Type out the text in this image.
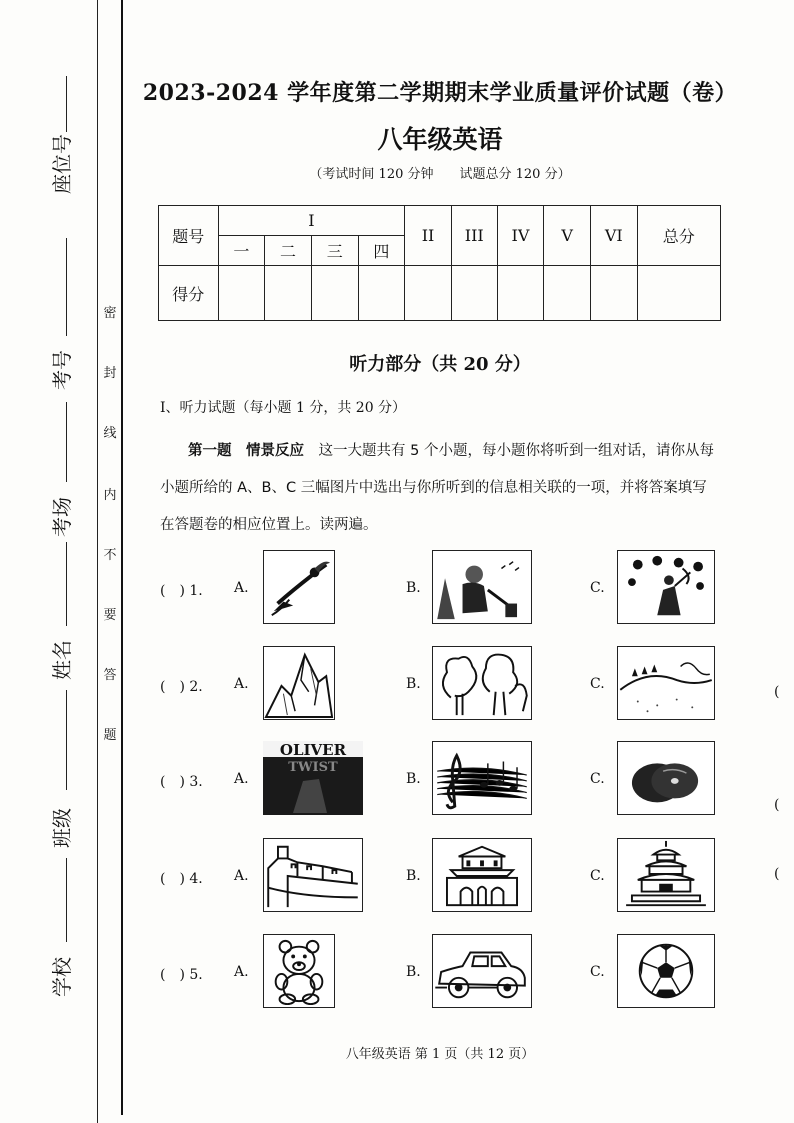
座位号
考号
考场
姓名
班级
学校
密
封
线
内
不
要
答
题
2023-2024 学年度第二学期期末学业质量评价试题（卷）
八年级英语
（考试时间 120 分钟　　试题总分 120 分）
题号	I				II	III	IV	V	VI	总分
	一	二	三	四						
得分										
听力部分（共 20 分）
Ⅰ、听力试题（每小题 1 分，共 20 分）
第一题　情景反应　 这一大题共有 5 个小题，每小题你将听到一组对话，请你从每小题所给的 A、B、C 三幅图片中选出与你所听到的信息相关联的一项，并将答案填写在答题卷的相应位置上。读两遍。
(　) 1. A.	B.	C.
(　) 2. A.	B.	C.
(　) 3. A.
OLIVER
TWIST
B.	C.
(　) 4. A.	B.	C.
(　) 5. A.	B.	C.
(
(
(
八年级英语 第 1 页（共 12 页）
